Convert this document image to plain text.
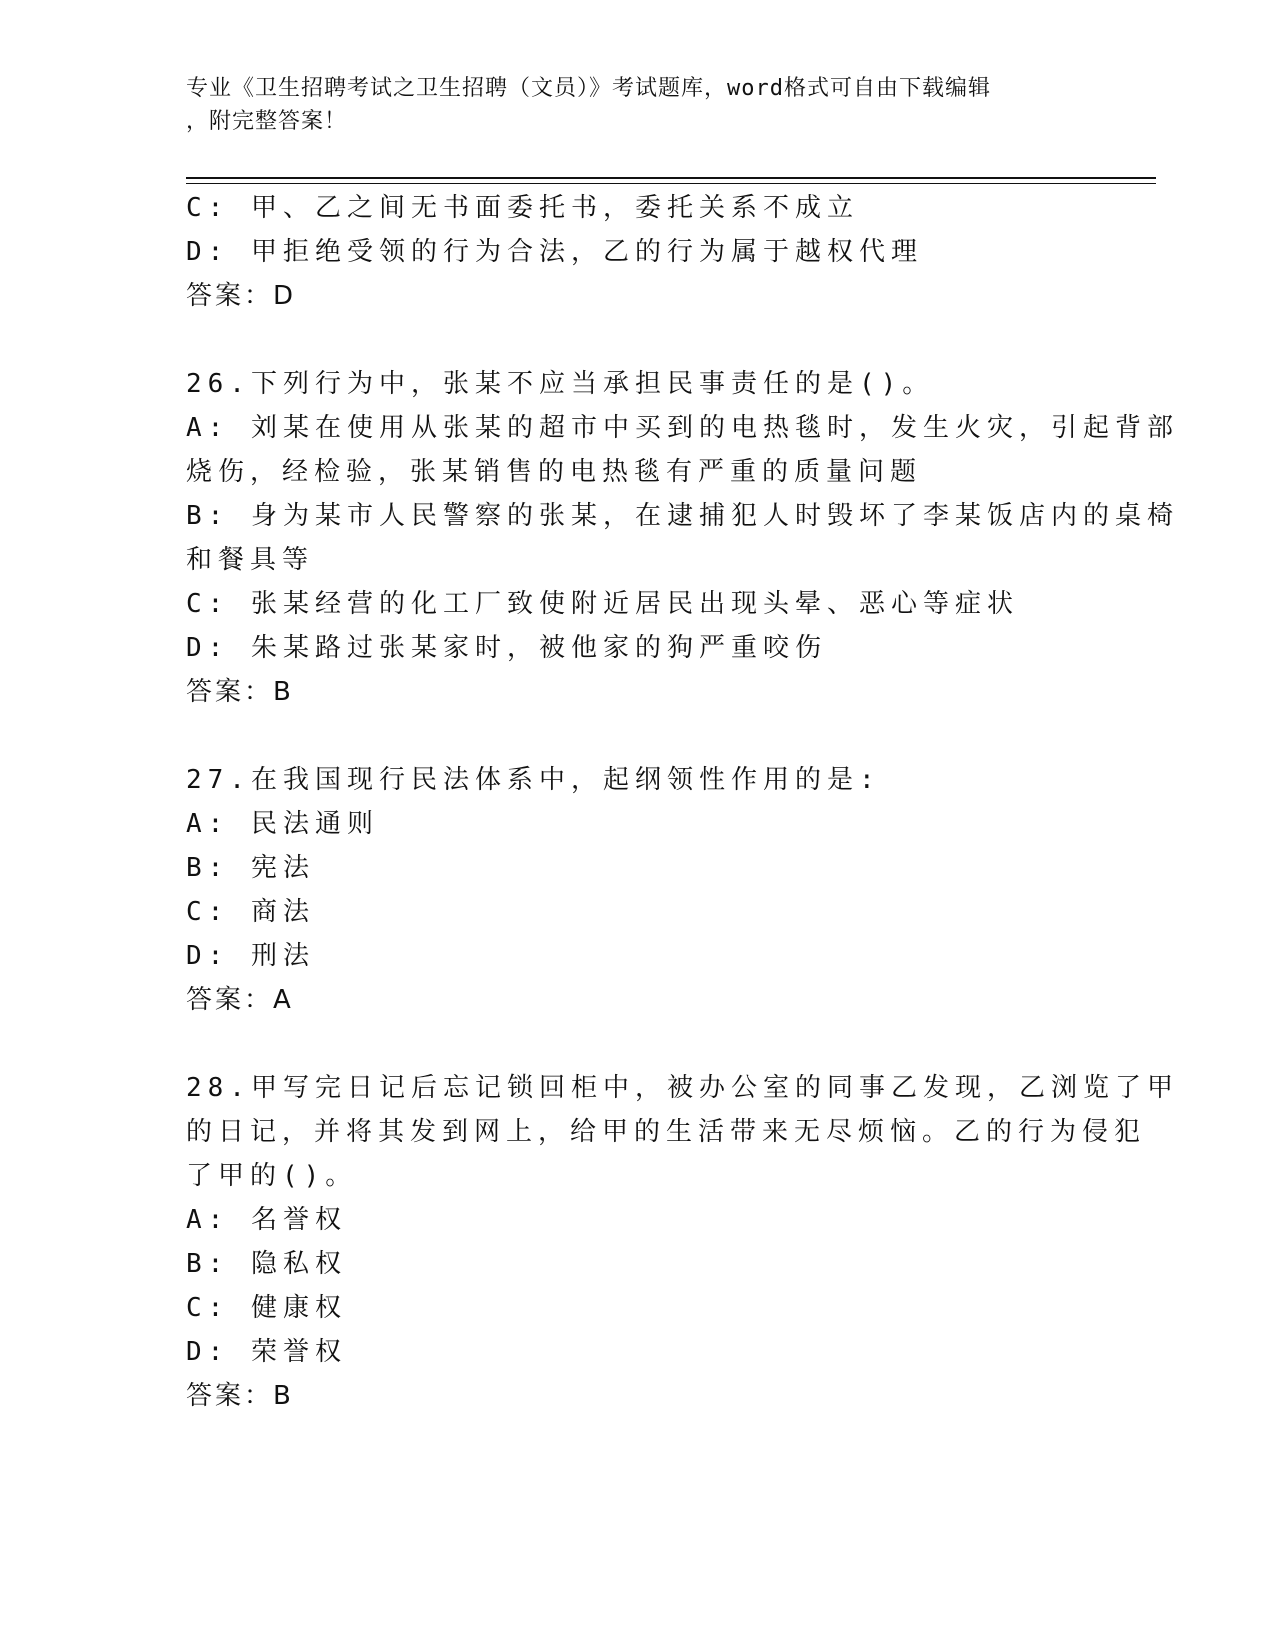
专业《卫生招聘考试之卫生招聘（文员）》考试题库，word格式可自由下载编辑
，附完整答案！
C: 甲、乙之间无书面委托书，委托关系不成立
D: 甲拒绝受领的行为合法，乙的行为属于越权代理
答案：D
26.下列行为中，张某不应当承担民事责任的是()。
A: 刘某在使用从张某的超市中买到的电热毯时，发生火灾，引起背部
烧伤，经检验，张某销售的电热毯有严重的质量问题
B: 身为某市人民警察的张某，在逮捕犯人时毁坏了李某饭店内的桌椅
和餐具等
C: 张某经营的化工厂致使附近居民出现头晕、恶心等症状
D: 朱某路过张某家时，被他家的狗严重咬伤
答案：B
27.在我国现行民法体系中，起纲领性作用的是:
A: 民法通则
B: 宪法
C: 商法
D: 刑法
答案：A
28.甲写完日记后忘记锁回柜中，被办公室的同事乙发现，乙浏览了甲
的日记，并将其发到网上，给甲的生活带来无尽烦恼。乙的行为侵犯
了甲的()。
A: 名誉权
B: 隐私权
C: 健康权
D: 荣誉权
答案：B
